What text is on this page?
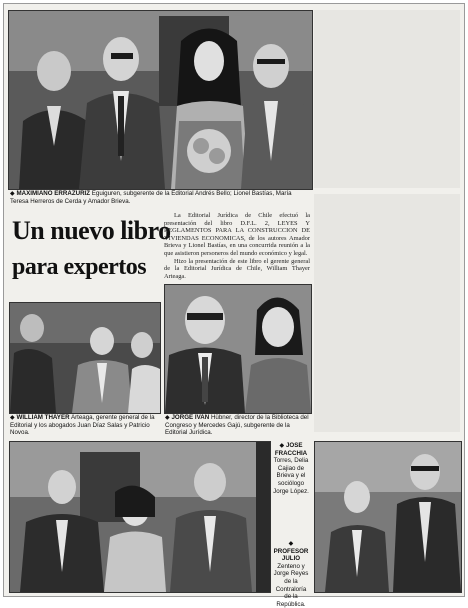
◆ MAXIMIANO ERRAZURIZ Eguiguren, subgerente de la Editorial Andrés Bello; Lionel Bastías, María Teresa Herreros de Cerda y Amador Brieva.
Un nuevo libro
para expertos

La Editorial Jurídica de Chile efectuó la presentación del libro D.F.L. 2, LEYES Y REGLAMENTOS PARA LA CONSTRUCCION DE VIVIENDAS ECONOMICAS, de los autores Amador Brieva y Lionel Bastías, en una concurrida reunión a la que asistieron personeros del mundo económico y legal.

Hizo la presentación de este libro el gerente general de la Editorial Jurídica de Chile, William Thayer Arteaga.

◆ WILLIAM THAYER Arteaga, gerente general de la Editorial y los abogados Juan Díaz Salas y Patricio Novoa.
◆ JORGE IVAN Hübner, director de la Biblioteca del Congreso y Mercedes Gajú, subgerente de la Editorial Jurídica.
◆ JOSE FRACCHIA Torres, Delia Cajiao de Brieva y el sociólogo Jorge López.
◆ PROFESOR JULIO Zenteno y Jorge Reyes de la Contraloría de la República.
